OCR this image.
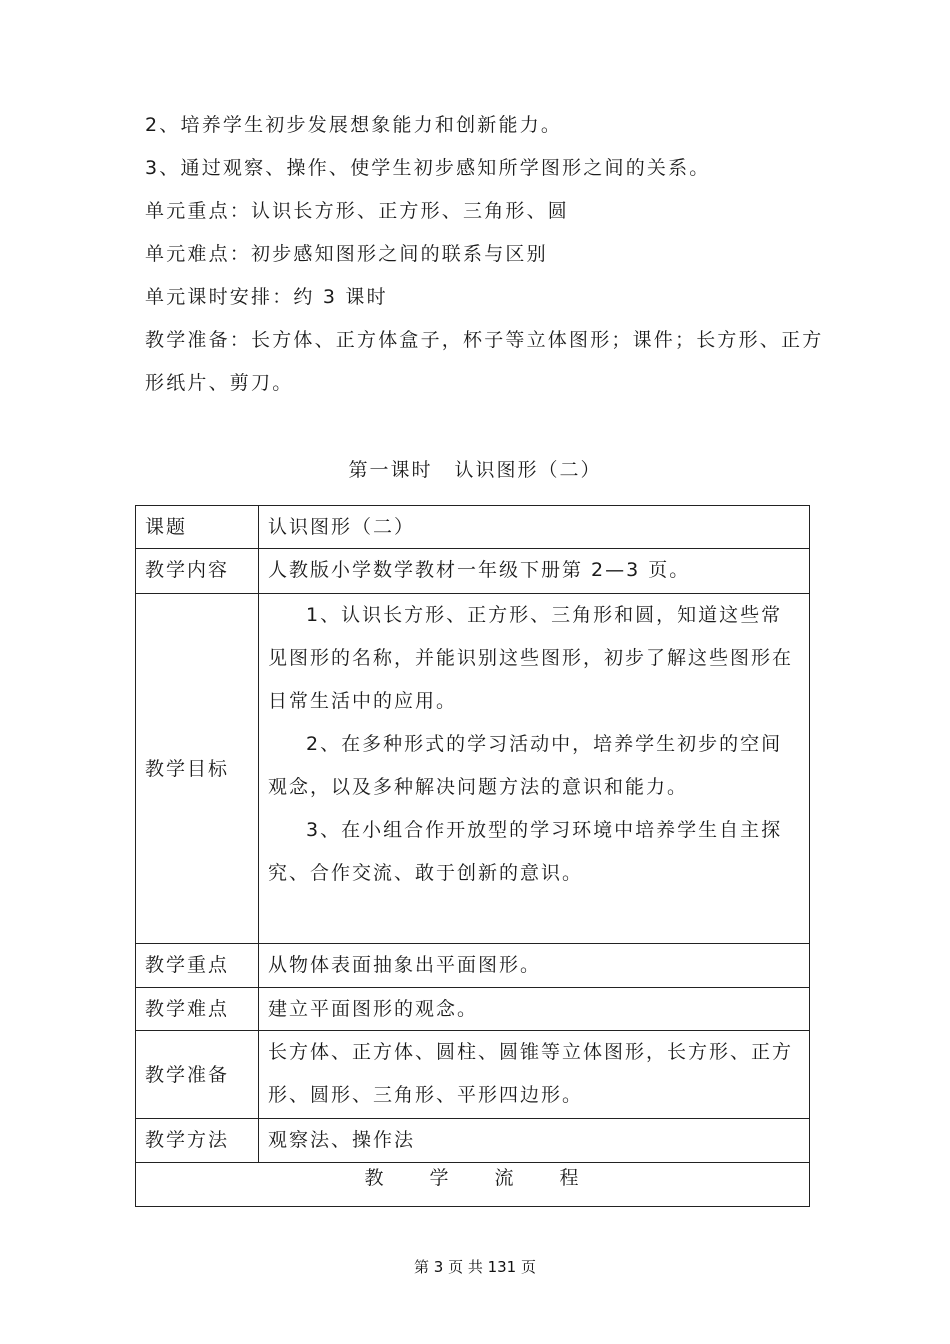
2、培养学生初步发展想象能力和创新能力。

3、通过观察、操作、使学生初步感知所学图形之间的关系。

单元重点：认识长方形、正方形、三角形、圆

单元难点：初步感知图形之间的联系与区别

单元课时安排：约 3 课时

教学准备：长方体、正方体盒子，杯子等立体图形；课件；长方形、正方形纸片、剪刀。

第一课时 认识图形（二）
课题	认识图形（二）

教学内容	人教版小学数学教材一年级下册第 2—3 页。

教学目标	1、认识长方形、正方形、三角形和圆，知道这些常见图形的名称，并能识别这些图形，初步了解这些图形在日常生活中的应用。
2、在多种形式的学习活动中，培养学生初步的空间观念，以及多种解决问题方法的意识和能力。
3、在小组合作开放型的学习环境中培养学生自主探究、合作交流、敢于创新的意识。

教学重点	从物体表面抽象出平面图形。

教学难点	建立平面图形的观念。

教学准备	长方体、正方体、圆柱、圆锥等立体图形，长方形、正方形、圆形、三角形、平形四边形。

教学方法	观察法、操作法

教 学 流 程	
第 3 页 共 131 页
